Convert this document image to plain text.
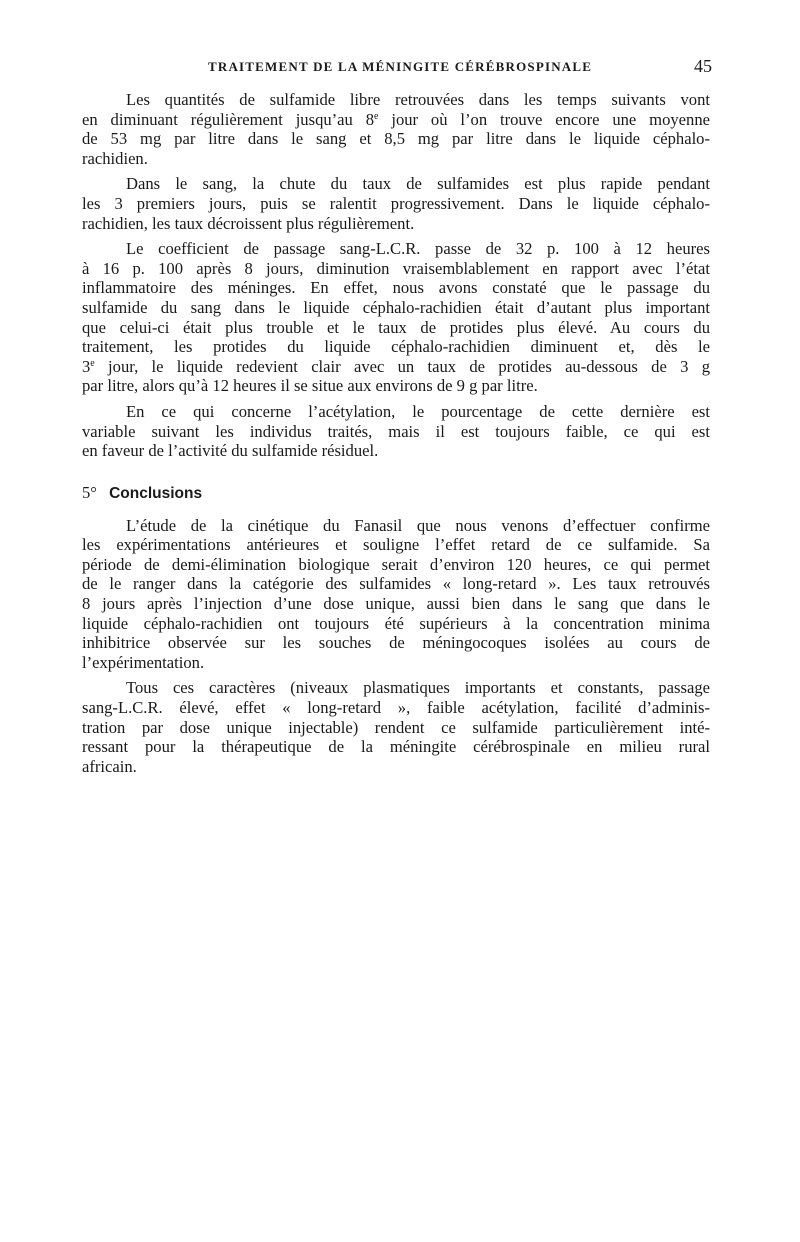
TRAITEMENT DE LA MÉNINGITE CÉRÉBROSPINALE	45

Les quantités de sulfamide libre retrouvées dans les temps suivants vont
en diminuant régulièrement jusqu’au 8e jour où l’on trouve encore une moyenne
de 53 mg par litre dans le sang et 8,5 mg par litre dans le liquide céphalo-
rachidien.

Dans le sang, la chute du taux de sulfamides est plus rapide pendant
les 3 premiers jours, puis se ralentit progressivement. Dans le liquide céphalo-
rachidien, les taux décroissent plus régulièrement.

Le coefficient de passage sang-L.C.R. passe de 32 p. 100 à 12 heures
à 16 p. 100 après 8 jours, diminution vraisemblablement en rapport avec l’état
inflammatoire des méninges. En effet, nous avons constaté que le passage du
sulfamide du sang dans le liquide céphalo-rachidien était d’autant plus important
que celui-ci était plus trouble et le taux de protides plus élevé. Au cours du
traitement, les protides du liquide céphalo-rachidien diminuent et, dès le
3e jour, le liquide redevient clair avec un taux de protides au-dessous de 3 g
par litre, alors qu’à 12 heures il se situe aux environs de 9 g par litre.

En ce qui concerne l’acétylation, le pourcentage de cette dernière est
variable suivant les individus traités, mais il est toujours faible, ce qui est
en faveur de l’activité du sulfamide résiduel.

5° Conclusions

L’étude de la cinétique du Fanasil que nous venons d’effectuer confirme
les expérimentations antérieures et souligne l’effet retard de ce sulfamide. Sa
période de demi-élimination biologique serait d’environ 120 heures, ce qui permet
de le ranger dans la catégorie des sulfamides « long-retard ». Les taux retrouvés
8 jours après l’injection d’une dose unique, aussi bien dans le sang que dans le
liquide céphalo-rachidien ont toujours été supérieurs à la concentration minima
inhibitrice observée sur les souches de méningocoques isolées au cours de
l’expérimentation.

Tous ces caractères (niveaux plasmatiques importants et constants, passage
sang-L.C.R. élevé, effet « long-retard », faible acétylation, facilité d’adminis-
tration par dose unique injectable) rendent ce sulfamide particulièrement inté-
ressant pour la thérapeutique de la méningite cérébrospinale en milieu rural
africain.
